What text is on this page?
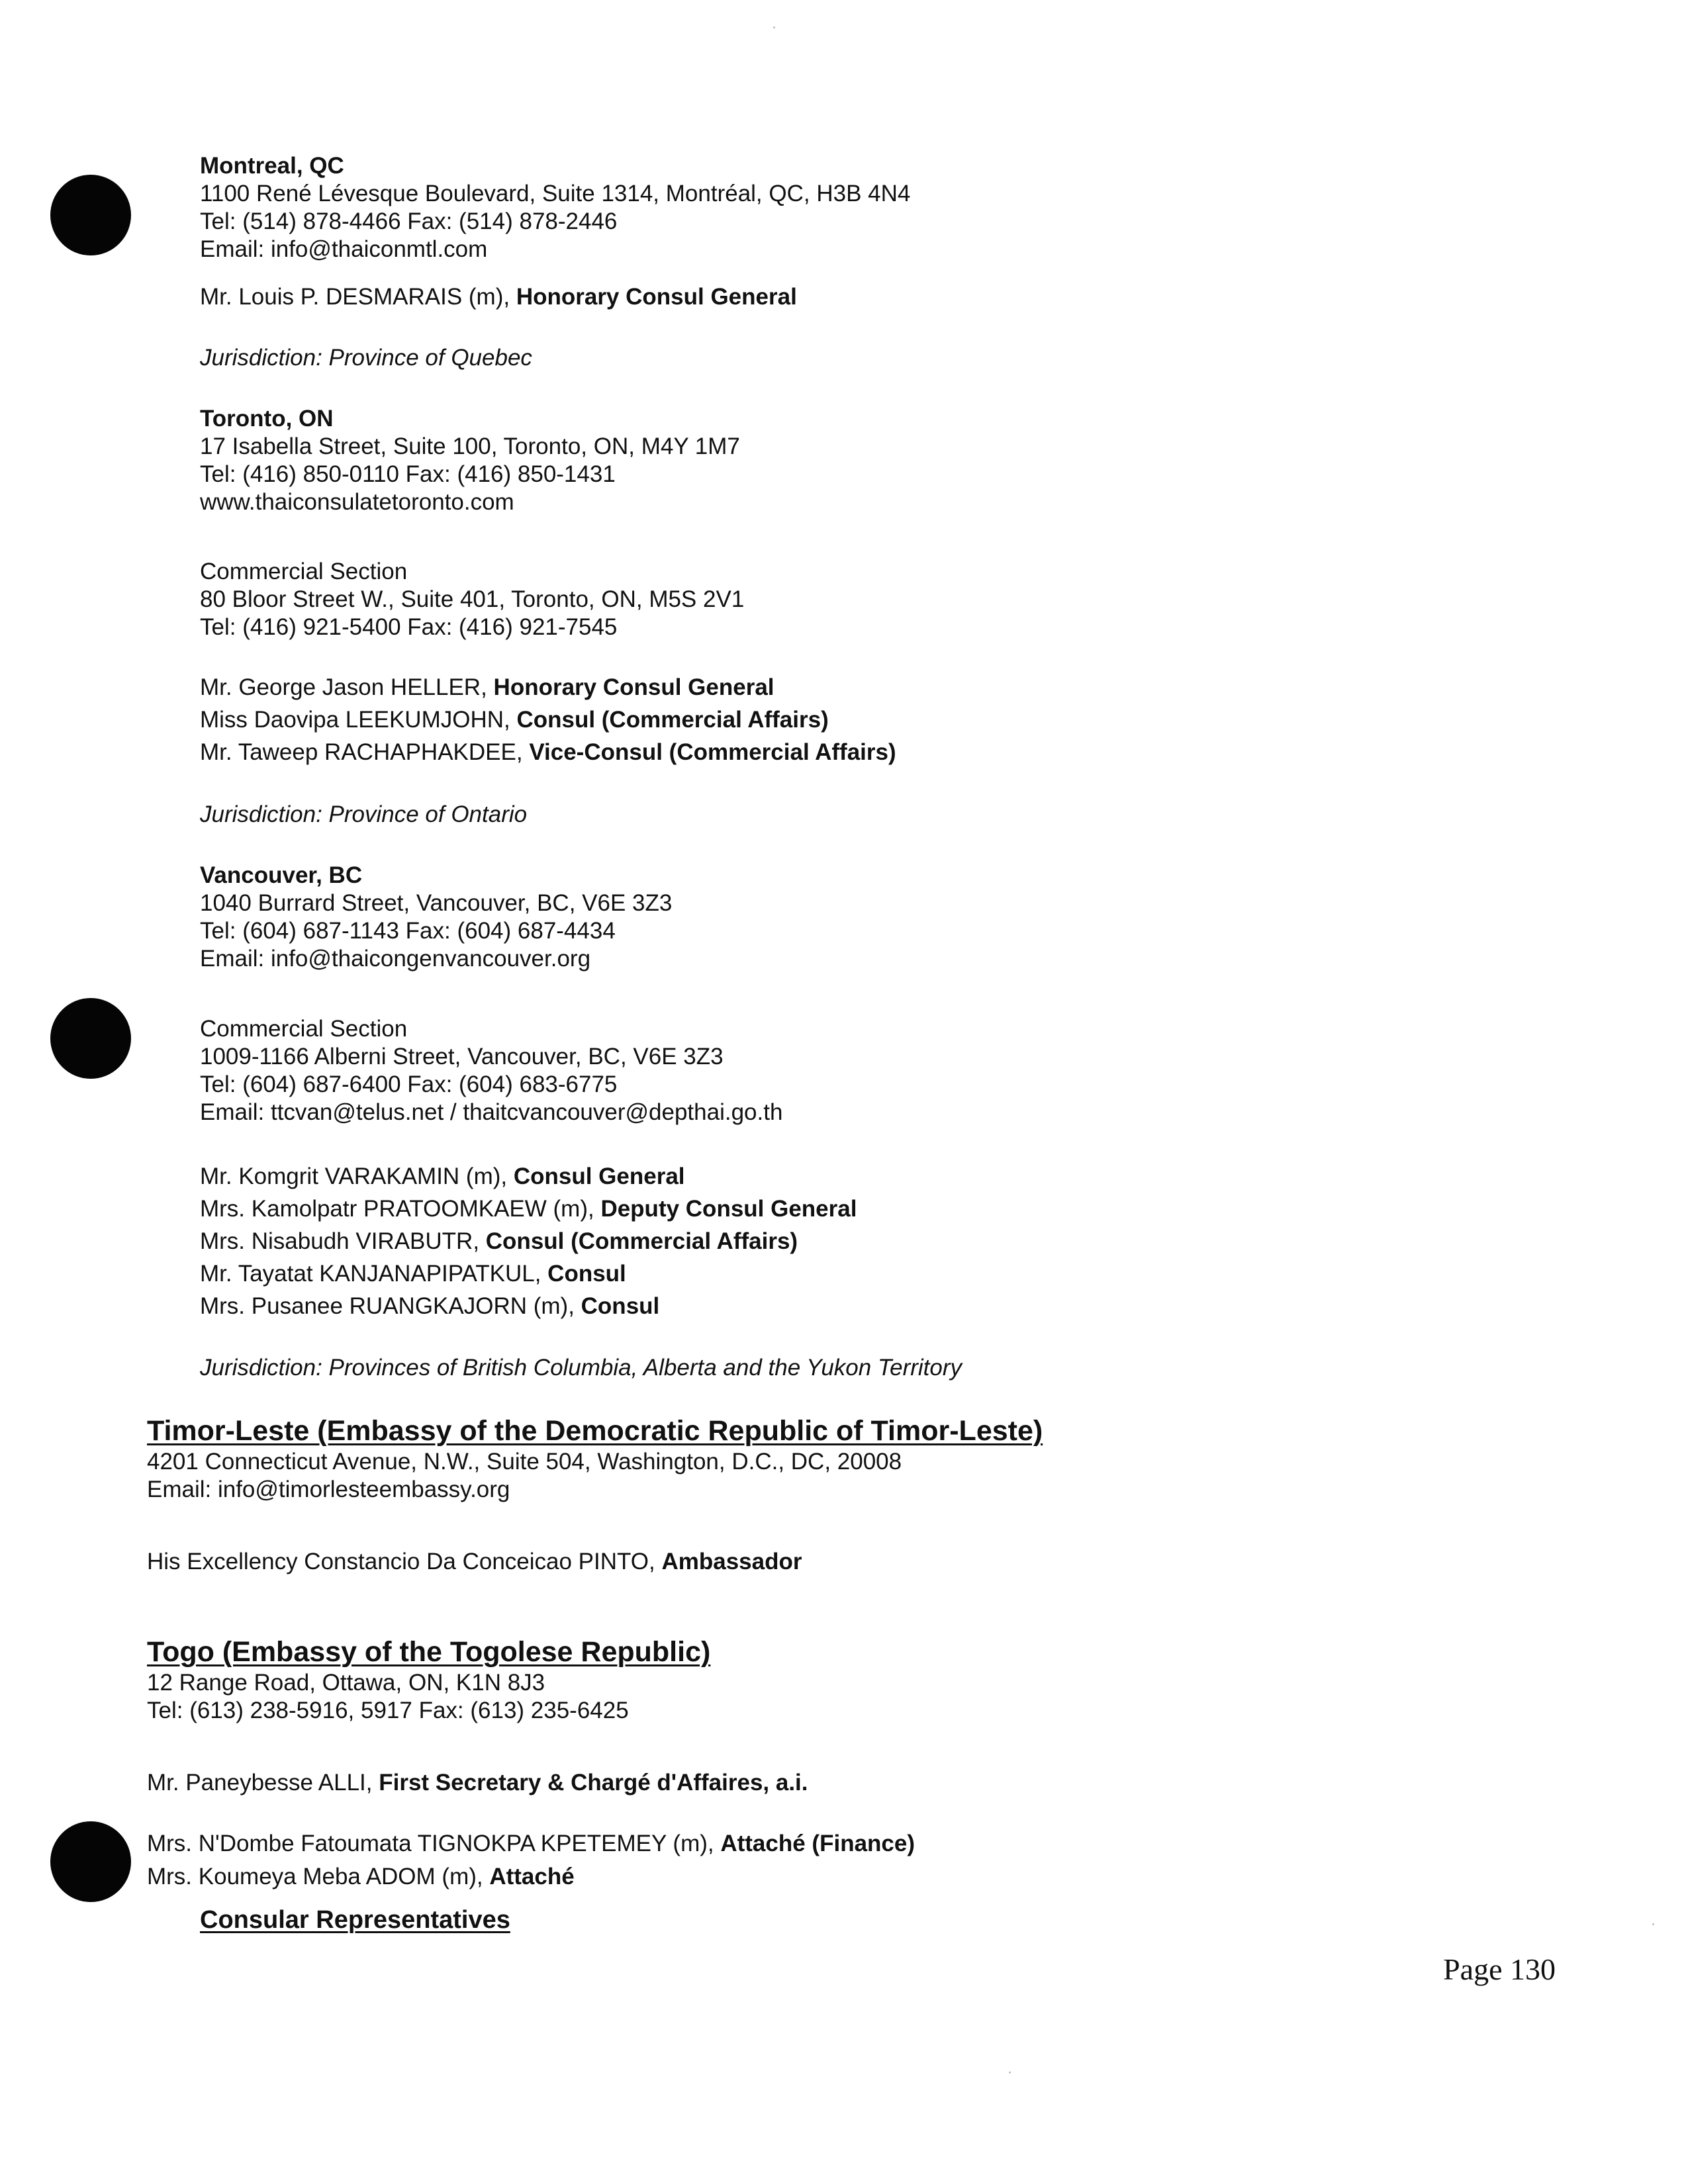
Montreal, QC
1100 René Lévesque Boulevard, Suite 1314, Montréal, QC, H3B 4N4
Tel: (514) 878-4466 Fax: (514) 878-2446
Email: info@thaiconmtl.com
Mr. Louis P. DESMARAIS (m), Honorary Consul General
Jurisdiction: Province of Quebec
Toronto, ON
17 Isabella Street, Suite 100, Toronto, ON, M4Y 1M7
Tel: (416) 850-0110 Fax: (416) 850-1431
www.thaiconsulatetoronto.com
Commercial Section
80 Bloor Street W., Suite 401, Toronto, ON, M5S 2V1
Tel: (416) 921-5400 Fax: (416) 921-7545
Mr. George Jason HELLER, Honorary Consul General
Miss Daovipa LEEKUMJOHN, Consul (Commercial Affairs)
Mr. Taweep RACHAPHAKDEE, Vice-Consul (Commercial Affairs)
Jurisdiction: Province of Ontario
Vancouver, BC
1040 Burrard Street, Vancouver, BC, V6E 3Z3
Tel: (604) 687-1143 Fax: (604) 687-4434
Email: info@thaicongenvancouver.org
Commercial Section
1009-1166 Alberni Street, Vancouver, BC, V6E 3Z3
Tel: (604) 687-6400 Fax: (604) 683-6775
Email: ttcvan@telus.net / thaitcvancouver@depthai.go.th
Mr. Komgrit VARAKAMIN (m), Consul General
Mrs. Kamolpatr PRATOOMKAEW (m), Deputy Consul General
Mrs. Nisabudh VIRABUTR, Consul (Commercial Affairs)
Mr. Tayatat KANJANAPIPATKUL, Consul
Mrs. Pusanee RUANGKAJORN (m), Consul
Jurisdiction: Provinces of British Columbia, Alberta and the Yukon Territory
Timor-Leste (Embassy of the Democratic Republic of Timor-Leste)
4201 Connecticut Avenue, N.W., Suite 504, Washington, D.C., DC, 20008
Email: info@timorlesteembassy.org
His Excellency Constancio Da Conceicao PINTO, Ambassador
Togo (Embassy of the Togolese Republic)
12 Range Road, Ottawa, ON, K1N 8J3
Tel: (613) 238-5916, 5917 Fax: (613) 235-6425
Mr. Paneybesse ALLI, First Secretary & Chargé d'Affaires, a.i.
Mrs. N'Dombe Fatoumata TIGNOKPA KPETEMEY (m), Attaché (Finance)
Mrs. Koumeya Meba ADOM (m), Attaché
Consular Representatives
Page 130
